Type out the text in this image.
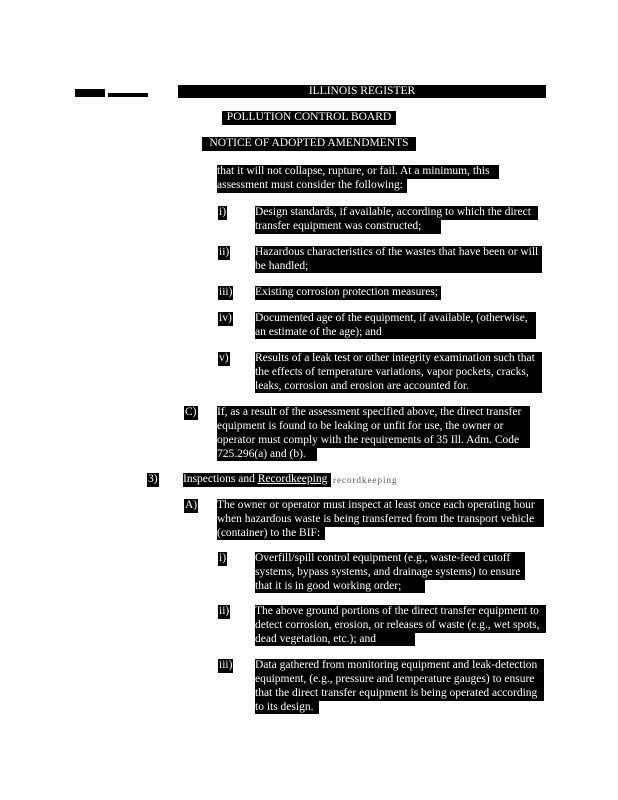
ILLINOIS REGISTER
POLLUTION CONTROL BOARD
NOTICE OF ADOPTED AMENDMENTS
that it will not collapse, rupture, or fail. At a minimum, this
assessment must consider the following:
i)	Design standards, if available, according to which the direct
transfer equipment was constructed;
ii) Hazardous characteristics of the wastes that have been or will
be handled;
iii) Existing corrosion protection measures;
iv) Documented age of the equipment, if available, (otherwise,
an estimate of the age); and
v) Results of a leak test or other integrity examination such that
the effects of temperature variations, vapor pockets, cracks,
leaks, corrosion and erosion are accounted for.
C) If, as a result of the assessment specified above, the direct transfer
equipment is found to be leaking or unfit for use, the owner or
operator must comply with the requirements of 35 Ill. Adm. Code
725.296(a) and (b).
3) Inspections and Recordkeeping recordkeeping
A) The owner or operator must inspect at least once each operating hour
when hazardous waste is being transferred from the transport vehicle
(container) to the BIF:
i)	Overfill/spill control equipment (e.g., waste-feed cutoff
systems, bypass systems, and drainage systems) to ensure
that it is in good working order;
ii) The above ground portions of the direct transfer equipment to
detect corrosion, erosion, or releases of waste (e.g., wet spots,
dead vegetation, etc.); and
iii) Data gathered from monitoring equipment and leak-detection
equipment, (e.g., pressure and temperature gauges) to ensure
that the direct transfer equipment is being operated according
to its design.
